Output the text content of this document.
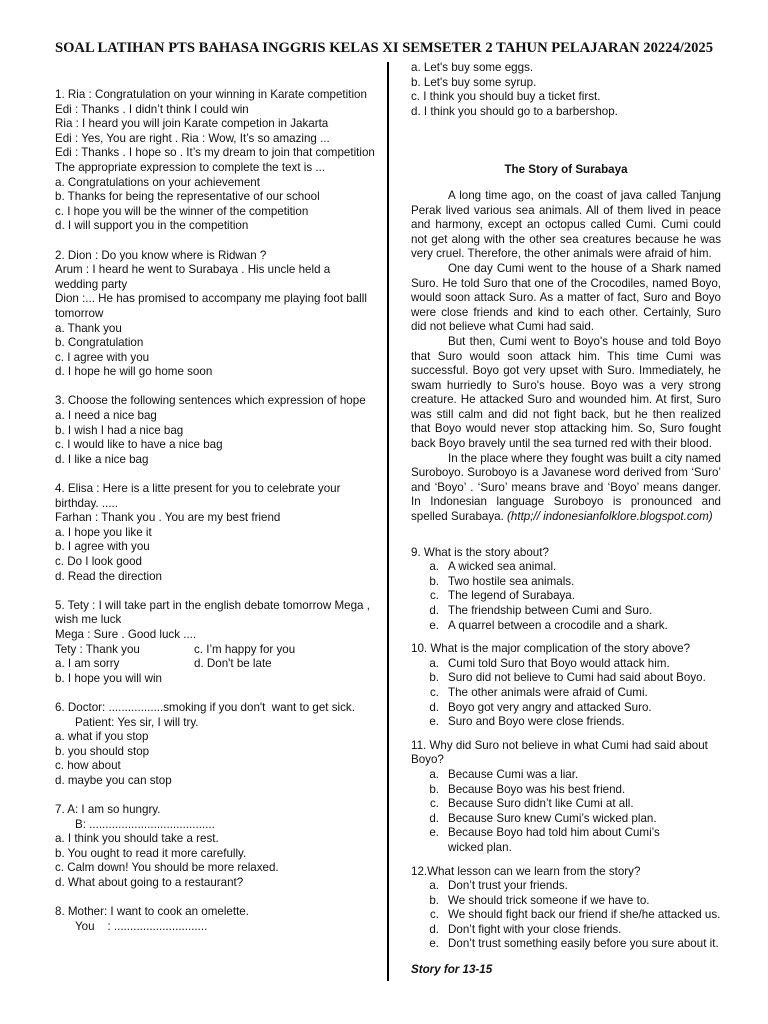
SOAL LATIHAN PTS BAHASA INGGRIS KELAS XI SEMSETER 2 TAHUN PELAJARAN 20224/2025
1. Ria : Congratulation on your winning in Karate competition
Edi : Thanks . I didn’t think I could win
Ria : I heard you will join Karate competion in Jakarta
Edi : Yes, You are right . Ria : Wow, It’s so amazing ...
Edi : Thanks . I hope so . It’s my dream to join that competition
The appropriate expression to complete the text is ...
a. Congratulations on your achievement
b. Thanks for being the representative of our school
c. I hope you will be the winner of the competition
d. I will support you in the competition
2. Dion : Do you know where is Ridwan ?
Arum : I heard he went to Surabaya . His uncle held a wedding party
Dion :... He has promised to accompany me playing foot balll tomorrow
a. Thank you
b. Congratulation
c. I agree with you
d. I hope he will go home soon
3. Choose the following sentences which expression of hope
a. I need a nice bag
b. I wish I had a nice bag
c. I would like to have a nice bag
d. I like a nice bag
4. Elisa : Here is a litte present for you to celebrate your birthday. .....
Farhan : Thank you . You are my best friend
a. I hope you like it
b. I agree with you
c. Do I look good
d. Read the direction
5. Tety : I will take part in the english debate tomorrow Mega , wish me luck
Mega : Sure . Good luck ....
Tety : Thank you	c. I’m happy for you
a. I am sorry	d. Don't be late
b. I hope you will win
6. Doctor: .................smoking if you don't  want to get sick.
Patient: Yes sir, I will try.
a. what if you stop
b. you should stop
c. how about
d. maybe you can stop
7. A: I am so hungry.
B: .......................................
a. I think you should take a rest.
b. You ought to read it more carefully.
c. Calm down! You should be more relaxed.
d. What about going to a restaurant?
8. Mother: I want to cook an omelette.
You    : .............................
a. Let's buy some eggs.
b. Let's buy some syrup.
c. I think you should buy a ticket first.
d. I think you should go to a barbershop.
The Story of Surabaya

A long time ago, on the coast of java called Tanjung Perak lived various sea animals. All of them lived in peace and harmony, except an octopus called Cumi. Cumi could not get along with the other sea creatures because he was very cruel. Therefore, the other animals were afraid of him.

One day Cumi went to the house of a Shark named Suro. He told Suro that one of the Crocodiles, named Boyo, would soon attack Suro. As a matter of fact, Suro and Boyo were close friends and kind to each other. Certainly, Suro did not believe what Cumi had said.

But then, Cumi went to Boyo's house and told Boyo that Suro would soon attack him. This time Cumi was successful. Boyo got very upset with Suro. Immediately, he swam hurriedly to Suro's house. Boyo was a very strong creature. He attacked Suro and wounded him. At first, Suro was still calm and did not fight back, but he then realized that Boyo would never stop attacking him. So, Suro fought back Boyo bravely until the sea turned red with their blood.

In the place where they fought was built a city named Suroboyo. Suroboyo is a Javanese word derived from ‘Suro’ and ‘Boyo’ . ‘Suro’ means brave and ‘Boyo’ means danger. In Indonesian language Suroboyo is pronounced and spelled Surabaya. (http;// indonesianfolklore.blogspot.com)

9. What is the story about?
a. A wicked sea animal.
b. Two hostile sea animals.
c. The legend of Surabaya.
d. The friendship between Cumi and Suro.
e. A quarrel between a crocodile and a shark.
10. What is the major complication of the story above?
a. Cumi told Suro that Boyo would attack him.
b. Suro did not believe to Cumi had said about Boyo.
c. The other animals were afraid of Cumi.
d. Boyo got very angry and attacked Suro.
e. Suro and Boyo were close friends.
11. Why did Suro not believe in what Cumi had said about Boyo?
a. Because Cumi was a liar.
b. Because Boyo was his best friend.
c. Because Suro didn’t like Cumi at all.
d. Because Suro knew Cumi’s wicked plan.
e. Because Boyo had told him about Cumi’s wicked plan.
12.What lesson can we learn from the story?
a. Don’t trust your friends.
b. We should trick someone if we have to.
c. We should fight back our friend if she/he attacked us.
d. Don’t fight with your close friends.
e. Don’t trust something easily before you sure about it.
Story for 13-15
